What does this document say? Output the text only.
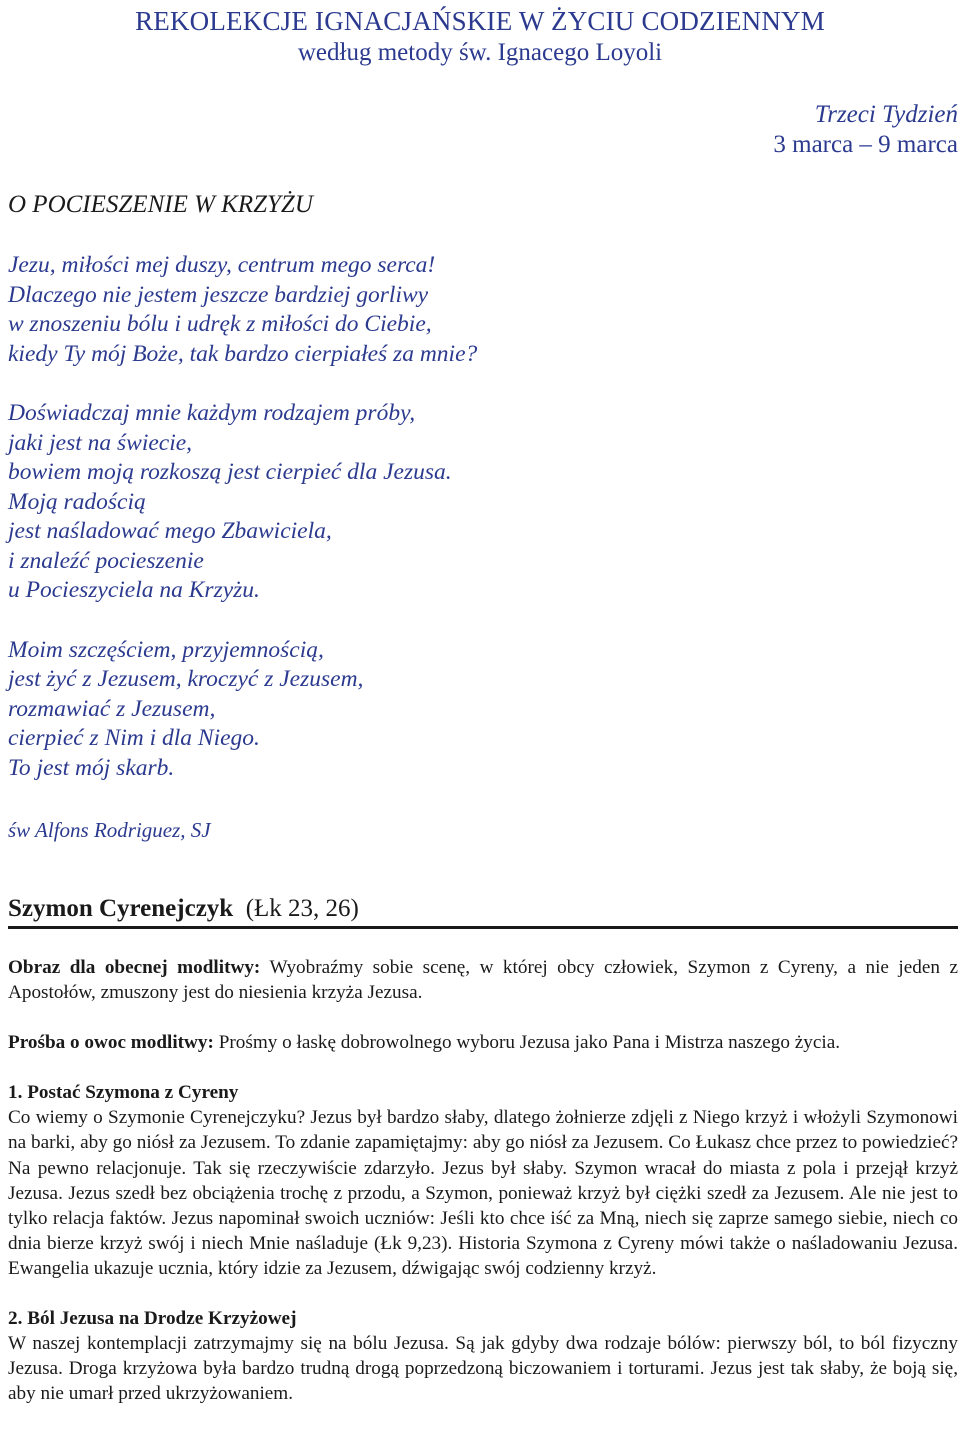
REKOLEKCJE IGNACJAŃSKIE W ŻYCIU CODZIENNYM
według metody św. Ignacego Loyoli
Trzeci Tydzień
3 marca – 9 marca
O POCIESZENIE W KRZYŻU
Jezu, miłości mej duszy, centrum mego serca!
Dlaczego nie jestem jeszcze bardziej gorliwy
w znoszeniu bólu i udręk z miłości do Ciebie,
kiedy Ty mój Boże, tak bardzo cierpiałeś za mnie?
Doświadczaj mnie każdym rodzajem próby,
jaki jest na świecie,
bowiem moją rozkoszą jest cierpieć dla Jezusa.
Moją radością
jest naśladować mego Zbawiciela,
i znaleźć pocieszenie
u Pocieszyciela na Krzyżu.
Moim szczęściem, przyjemnością,
jest żyć z Jezusem, kroczyć z Jezusem,
rozmawiać z Jezusem,
cierpieć z Nim i dla Niego.
To jest mój skarb.
św Alfons Rodriguez, SJ
Szymon Cyrenejczyk (Łk 23, 26)

Obraz dla obecnej modlitwy: Wyobraźmy sobie scenę, w której obcy człowiek, Szymon z Cyreny, a nie jeden z Apostołów, zmuszony jest do niesienia krzyża Jezusa.

Prośba o owoc modlitwy: Prośmy o łaskę dobrowolnego wyboru Jezusa jako Pana i Mistrza naszego życia.

1. Postać Szymona z Cyreny
Co wiemy o Szymonie Cyrenejczyku? Jezus był bardzo słaby, dlatego żołnierze zdjęli z Niego krzyż i włożyli Szymonowi na barki, aby go niósł za Jezusem. To zdanie zapamiętajmy: aby go niósł za Jezusem. Co Łukasz chce przez to powiedzieć? Na pewno relacjonuje. Tak się rzeczywiście zdarzyło. Jezus był słaby. Szymon wracał do miasta z pola i przejął krzyż Jezusa. Jezus szedł bez obciążenia trochę z przodu, a Szymon, ponieważ krzyż był ciężki szedł za Jezusem. Ale nie jest to tylko relacja faktów. Jezus napominał swoich uczniów: Jeśli kto chce iść za Mną, niech się zaprze samego siebie, niech co dnia bierze krzyż swój i niech Mnie naśladuje (Łk 9,23). Historia Szymona z Cyreny mówi także o naśladowaniu Jezusa. Ewangelia ukazuje ucznia, który idzie za Jezusem, dźwigając swój codzienny krzyż.

2. Ból Jezusa na Drodze Krzyżowej
W naszej kontemplacji zatrzymajmy się na bólu Jezusa. Są jak gdyby dwa rodzaje bólów: pierwszy ból, to ból fizyczny Jezusa. Droga krzyżowa była bardzo trudną drogą poprzedzoną biczowaniem i torturami. Jezus jest tak słaby, że boją się, aby nie umarł przed ukrzyżowaniem.
